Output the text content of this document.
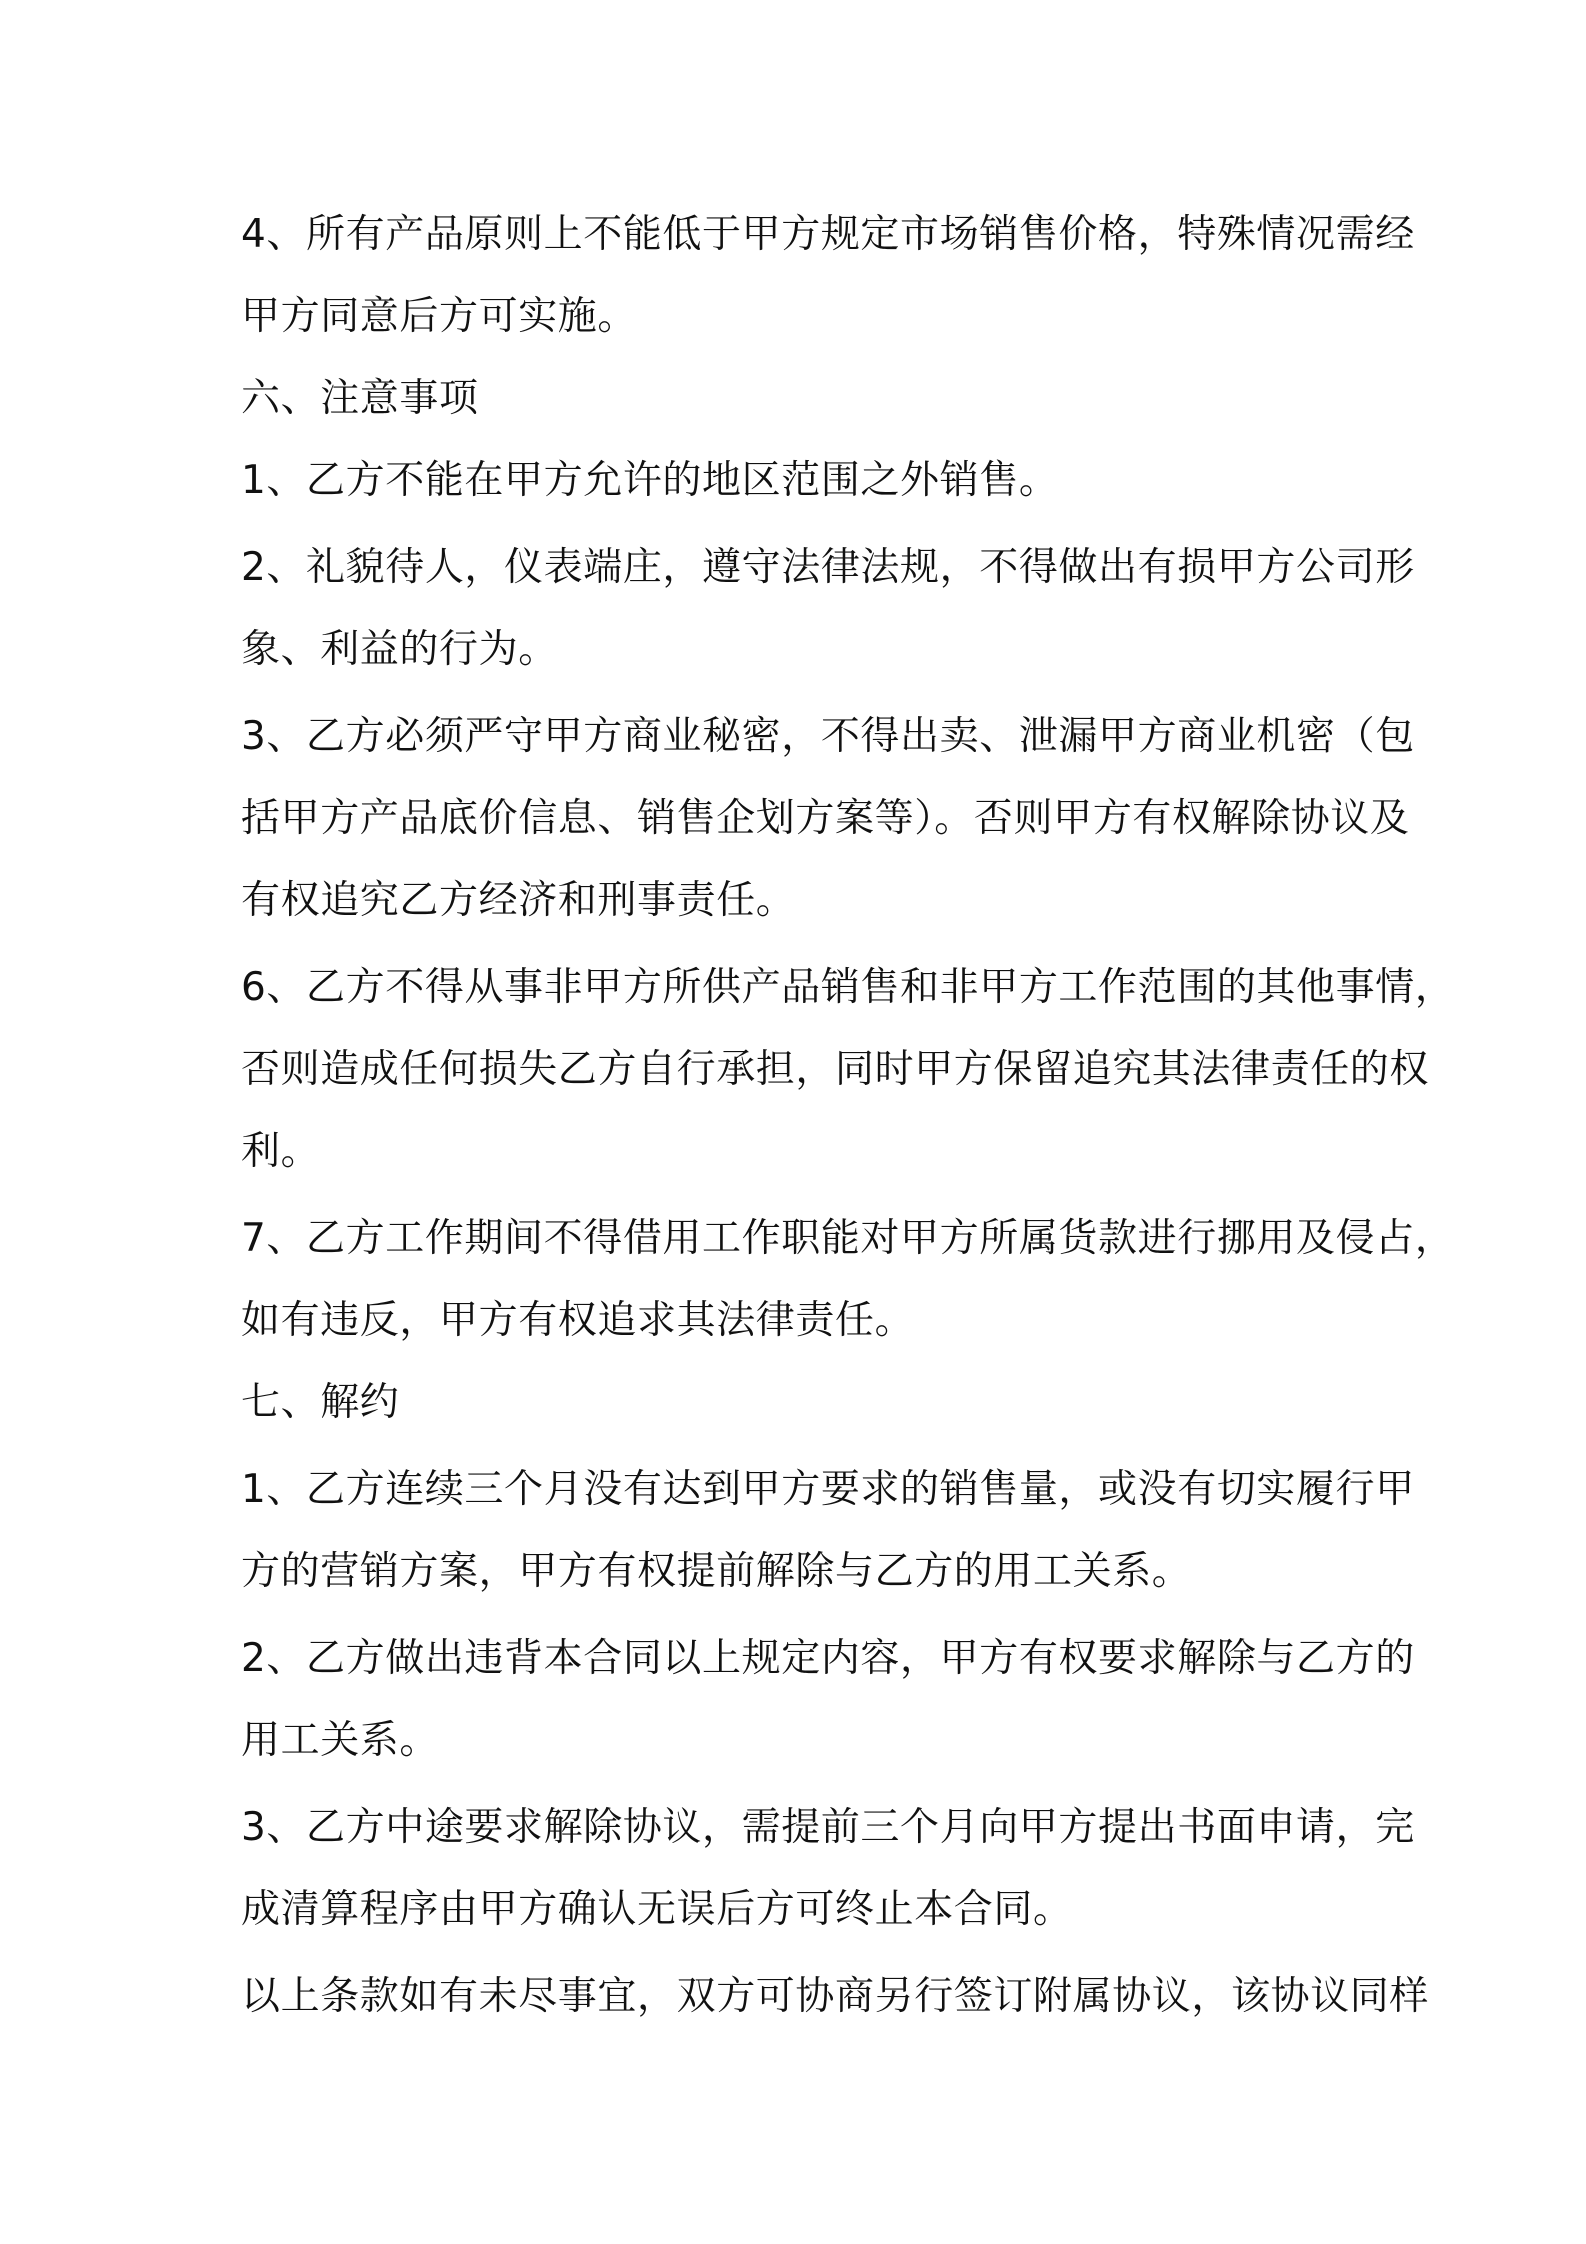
4、所有产品原则上不能低于甲方规定市场销售价格，特殊情况需经
甲方同意后方可实施。
六、注意事项
1、乙方不能在甲方允许的地区范围之外销售。
2、礼貌待人，仪表端庄，遵守法律法规，不得做出有损甲方公司形
象、利益的行为。
3、乙方必须严守甲方商业秘密，不得出卖、泄漏甲方商业机密（包
括甲方产品底价信息、销售企划方案等）。否则甲方有权解除协议及
有权追究乙方经济和刑事责任。
6、乙方不得从事非甲方所供产品销售和非甲方工作范围的其他事情，
否则造成任何损失乙方自行承担，同时甲方保留追究其法律责任的权
利。
7、乙方工作期间不得借用工作职能对甲方所属货款进行挪用及侵占，
如有违反，甲方有权追求其法律责任。
七、解约
1、乙方连续三个月没有达到甲方要求的销售量，或没有切实履行甲
方的营销方案，甲方有权提前解除与乙方的用工关系。
2、乙方做出违背本合同以上规定内容，甲方有权要求解除与乙方的
用工关系。
3、乙方中途要求解除协议，需提前三个月向甲方提出书面申请，完
成清算程序由甲方确认无误后方可终止本合同。
以上条款如有未尽事宜，双方可协商另行签订附属协议，该协议同样
